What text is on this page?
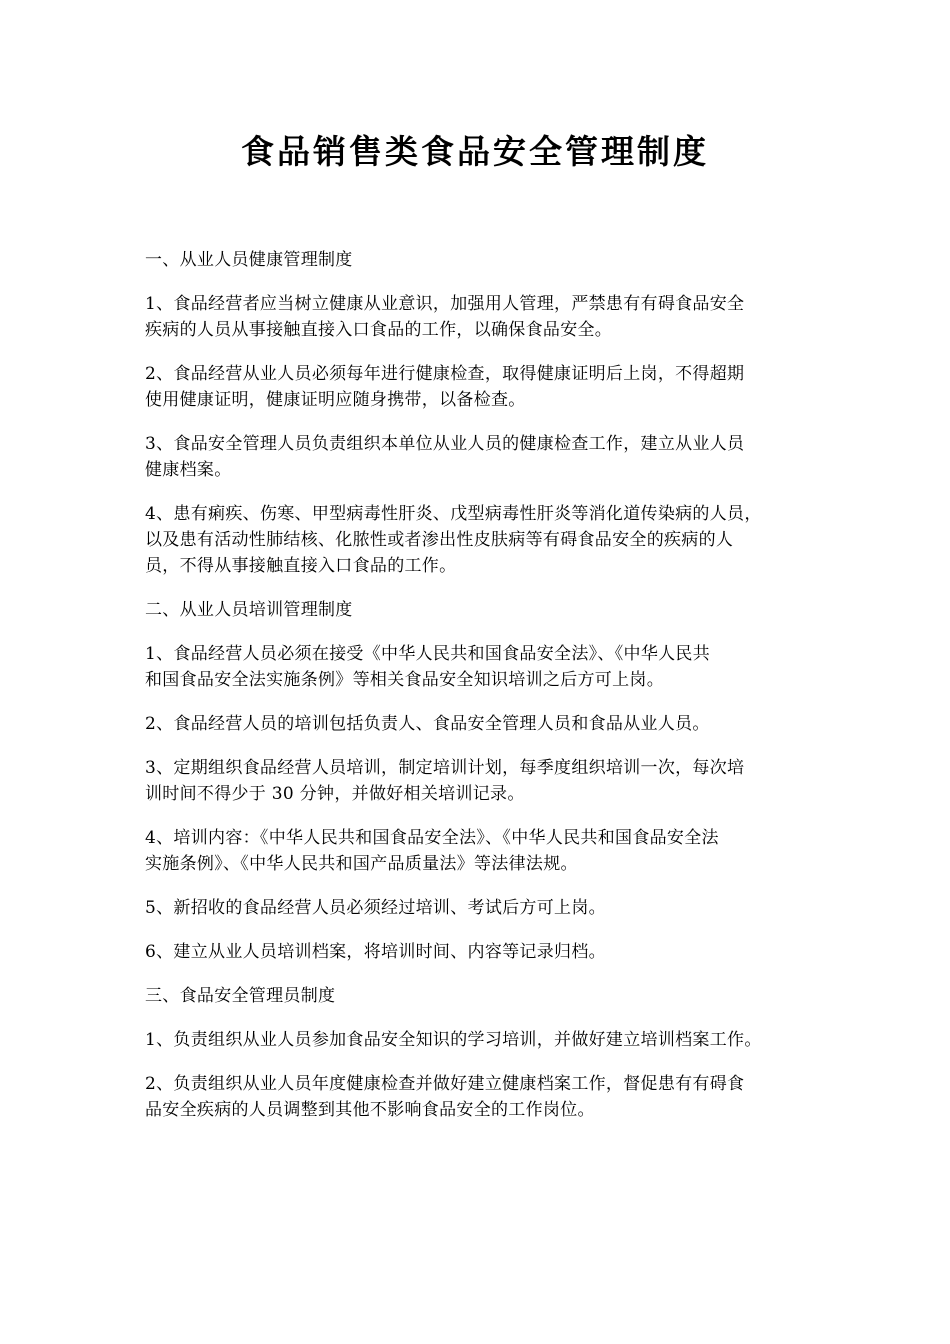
食品销售类食品安全管理制度

一、从业人员健康管理制度

1、食品经营者应当树立健康从业意识，加强用人管理，严禁患有有碍食品安全
疾病的人员从事接触直接入口食品的工作，以确保食品安全。

2、食品经营从业人员必须每年进行健康检查，取得健康证明后上岗，不得超期
使用健康证明，健康证明应随身携带，以备检查。

3、食品安全管理人员负责组织本单位从业人员的健康检查工作，建立从业人员
健康档案。

4、患有痢疾、伤寒、甲型病毒性肝炎、戊型病毒性肝炎等消化道传染病的人员，
以及患有活动性肺结核、化脓性或者渗出性皮肤病等有碍食品安全的疾病的人
员，不得从事接触直接入口食品的工作。

二、从业人员培训管理制度

1、食品经营人员必须在接受《中华人民共和国食品安全法》、《中华人民共
和国食品安全法实施条例》等相关食品安全知识培训之后方可上岗。

2、食品经营人员的培训包括负责人、食品安全管理人员和食品从业人员。

3、定期组织食品经营人员培训，制定培训计划，每季度组织培训一次，每次培
训时间不得少于 30 分钟，并做好相关培训记录。

4、培训内容：《中华人民共和国食品安全法》、《中华人民共和国食品安全法
实施条例》、《中华人民共和国产品质量法》等法律法规。

5、新招收的食品经营人员必须经过培训、考试后方可上岗。

6、建立从业人员培训档案，将培训时间、内容等记录归档。

三、食品安全管理员制度

1、负责组织从业人员参加食品安全知识的学习培训，并做好建立培训档案工作。

2、负责组织从业人员年度健康检查并做好建立健康档案工作，督促患有有碍食
品安全疾病的人员调整到其他不影响食品安全的工作岗位。
